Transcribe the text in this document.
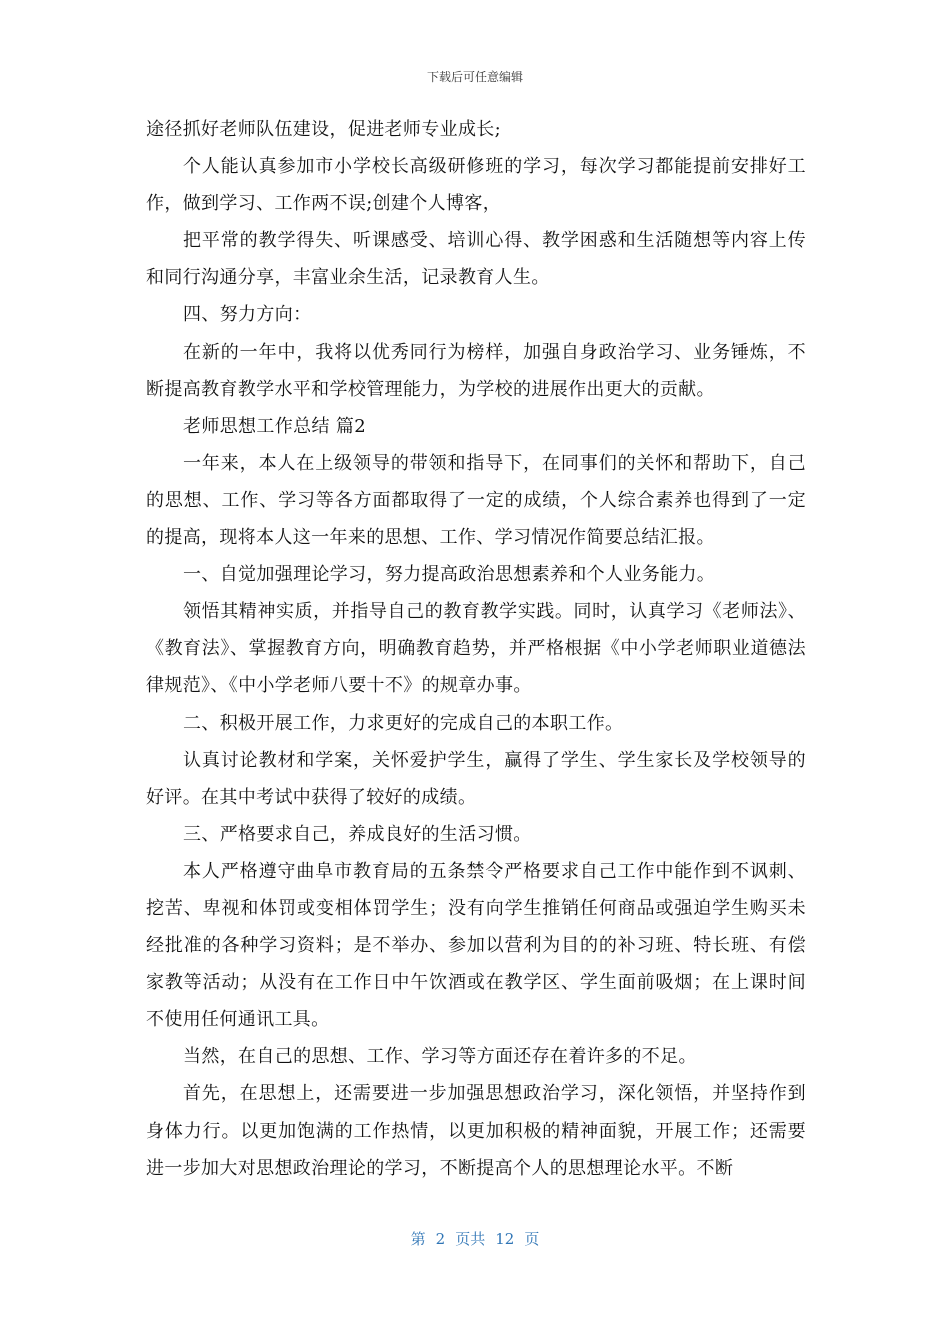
下载后可任意编辑

途径抓好老师队伍建设，促进老师专业成长;

个人能认真参加市小学校长高级研修班的学习，每次学习都能提前安排好工作，做到学习、工作两不误;创建个人博客，

把平常的教学得失、听课感受、培训心得、教学困惑和生活随想等内容上传和同行沟通分享，丰富业余生活，记录教育人生。

四、努力方向：

在新的一年中，我将以优秀同行为榜样，加强自身政治学习、业务锤炼，不断提高教育教学水平和学校管理能力，为学校的进展作出更大的贡献。

老师思想工作总结 篇2

一年来，本人在上级领导的带领和指导下，在同事们的关怀和帮助下，自己的思想、工作、学习等各方面都取得了一定的成绩，个人综合素养也得到了一定的提高，现将本人这一年来的思想、工作、学习情况作简要总结汇报。

一、自觉加强理论学习，努力提高政治思想素养和个人业务能力。

领悟其精神实质，并指导自己的教育教学实践。同时，认真学习《老师法》、《教育法》、掌握教育方向，明确教育趋势，并严格根据《中小学老师职业道德法律规范》、《中小学老师八要十不》的规章办事。

二、积极开展工作，力求更好的完成自己的本职工作。

认真讨论教材和学案，关怀爱护学生，赢得了学生、学生家长及学校领导的好评。在其中考试中获得了较好的成绩。

三、严格要求自己，养成良好的生活习惯。

本人严格遵守曲阜市教育局的五条禁令严格要求自己工作中能作到不讽刺、挖苦、卑视和体罚或变相体罚学生；没有向学生推销任何商品或强迫学生购买未经批准的各种学习资料；是不举办、参加以营利为目的的补习班、特长班、有偿家教等活动；从没有在工作日中午饮酒或在教学区、学生面前吸烟；在上课时间不使用任何通讯工具。

当然，在自己的思想、工作、学习等方面还存在着许多的不足。

首先，在思想上，还需要进一步加强思想政治学习，深化领悟，并坚持作到身体力行。以更加饱满的工作热情，以更加积极的精神面貌，开展工作；还需要进一步加大对思想政治理论的学习，不断提高个人的思想理论水平。不断

第 2 页共 12 页
